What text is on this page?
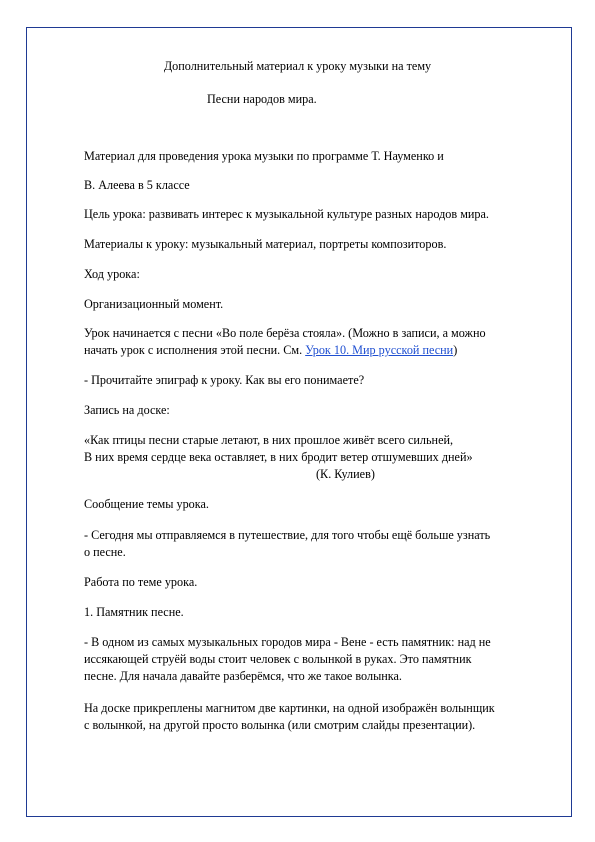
Дополнительный материал к уроку музыки на тему
Песни народов мира.
Материал для проведения урока музыки по программе Т. Науменко и
В. Алеева в 5 классе
Цель урока: развивать интерес к музыкальной культуре разных народов мира.
Материалы к уроку: музыкальный материал, портреты композиторов.
Ход урока:
Организационный момент.
Урок начинается с песни «Во поле берёза стояла». (Можно в записи, а можно
начать урок с исполнения этой песни. См. Урок 10. Мир русской песни)
- Прочитайте эпиграф к уроку. Как вы его понимаете?
Запись на доске:
«Как птицы песни старые летают, в них прошлое живёт всего сильней,
В них время сердце века оставляет, в них бродит ветер отшумевших дней»
(К. Кулиев)
Сообщение темы урока.
- Сегодня мы отправляемся в путешествие, для того чтобы ещё больше узнать
о песне.
Работа по теме урока.
1. Памятник песне.
- В одном из самых музыкальных городов мира - Вене - есть памятник: над не
иссякающей струёй воды стоит человек с волынкой в руках. Это памятник
песне. Для начала давайте разберёмся, что же такое волынка.
На доске прикреплены магнитом две картинки, на одной изображён волынщик
с волынкой, на другой просто волынка (или смотрим слайды презентации).
